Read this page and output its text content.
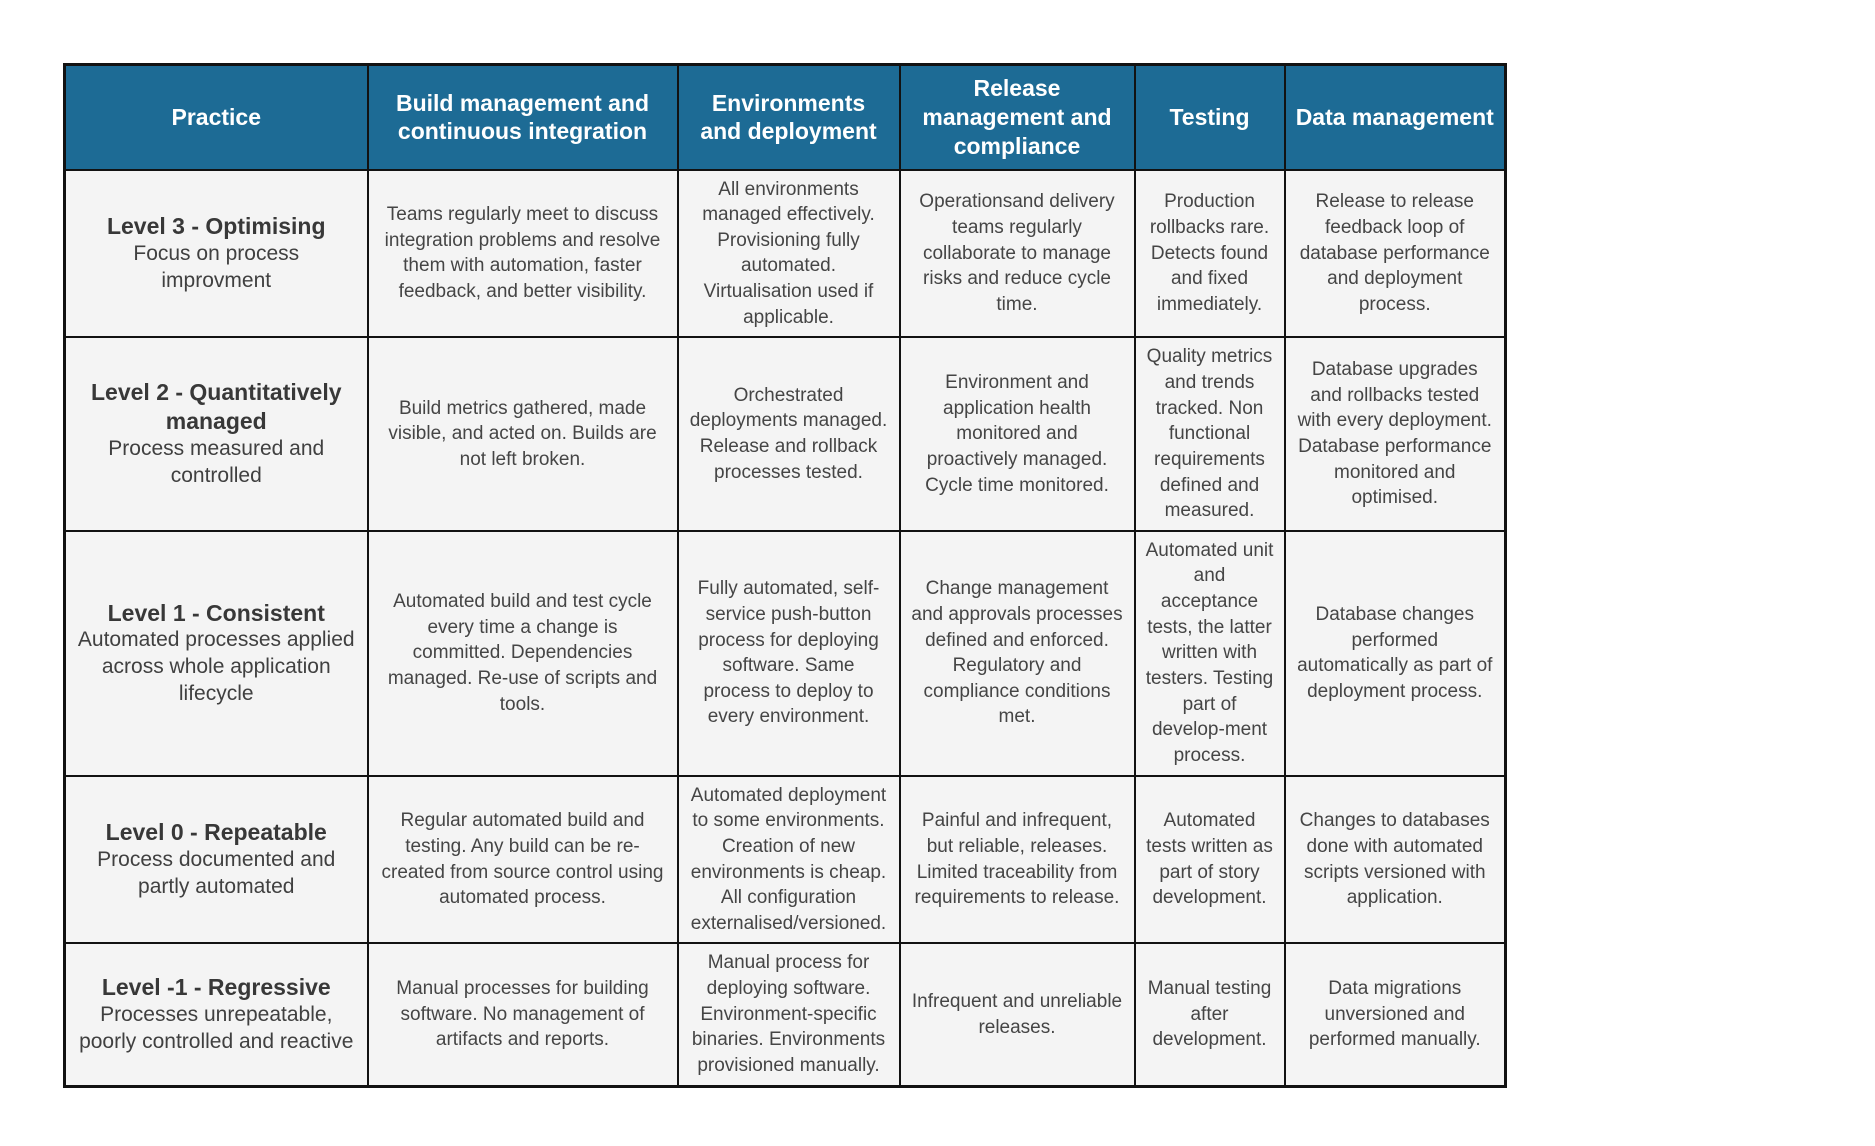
Practice	Build management and continuous integration	Environments and deployment	Release management and compliance	Testing	Data management

Level 3 - Optimising
Focus on process improvment	Teams regularly meet to discuss integration problems and resolve them with automation, faster feedback, and better visibility.	All environments managed effectively. Provisioning fully automated. Virtualisation used if applicable.	Operationsand delivery teams regularly collaborate to manage risks and reduce cycle time.	Production rollbacks rare. Detects found and fixed immediately.	Release to release feedback loop of database performance and deployment process.

Level 2 - Quantitatively managed
Process measured and controlled	Build metrics gathered, made visible, and acted on. Builds are not left broken.	Orchestrated deployments managed. Release and rollback processes tested.	Environment and application health monitored and proactively managed. Cycle time monitored.	Quality metrics and trends tracked. Non functional requirements defined and measured.	Database upgrades and rollbacks tested with every deployment. Database performance monitored and optimised.

Level 1 - Consistent
Automated processes applied across whole application lifecycle	Automated build and test cycle every time a change is committed. Dependencies managed. Re-use of scripts and tools.	Fully automated, self-service push-button process for deploying software. Same process to deploy to every environment.	Change management and approvals processes defined and enforced. Regulatory and compliance conditions met.	Automated unit and acceptance tests, the latter written with testers. Testing part of develop-ment process.	Database changes performed automatically as part of deployment process.

Level 0 - Repeatable
Process documented and partly automated	Regular automated build and testing. Any build can be re-created from source control using automated process.	Automated deployment to some environments. Creation of new environments is cheap. All configuration externalised/versioned.	Painful and infrequent, but reliable, releases. Limited traceability from requirements to release.	Automated tests written as part of story development.	Changes to databases done with automated scripts versioned with application.

Level -1 - Regressive
Processes unrepeatable, poorly controlled and reactive	Manual processes for building software. No management of artifacts and reports.	Manual process for deploying software. Environment-specific binaries. Environments provisioned manually.	Infrequent and unreliable releases.	Manual testing after development.	Data migrations unversioned and performed manually.
